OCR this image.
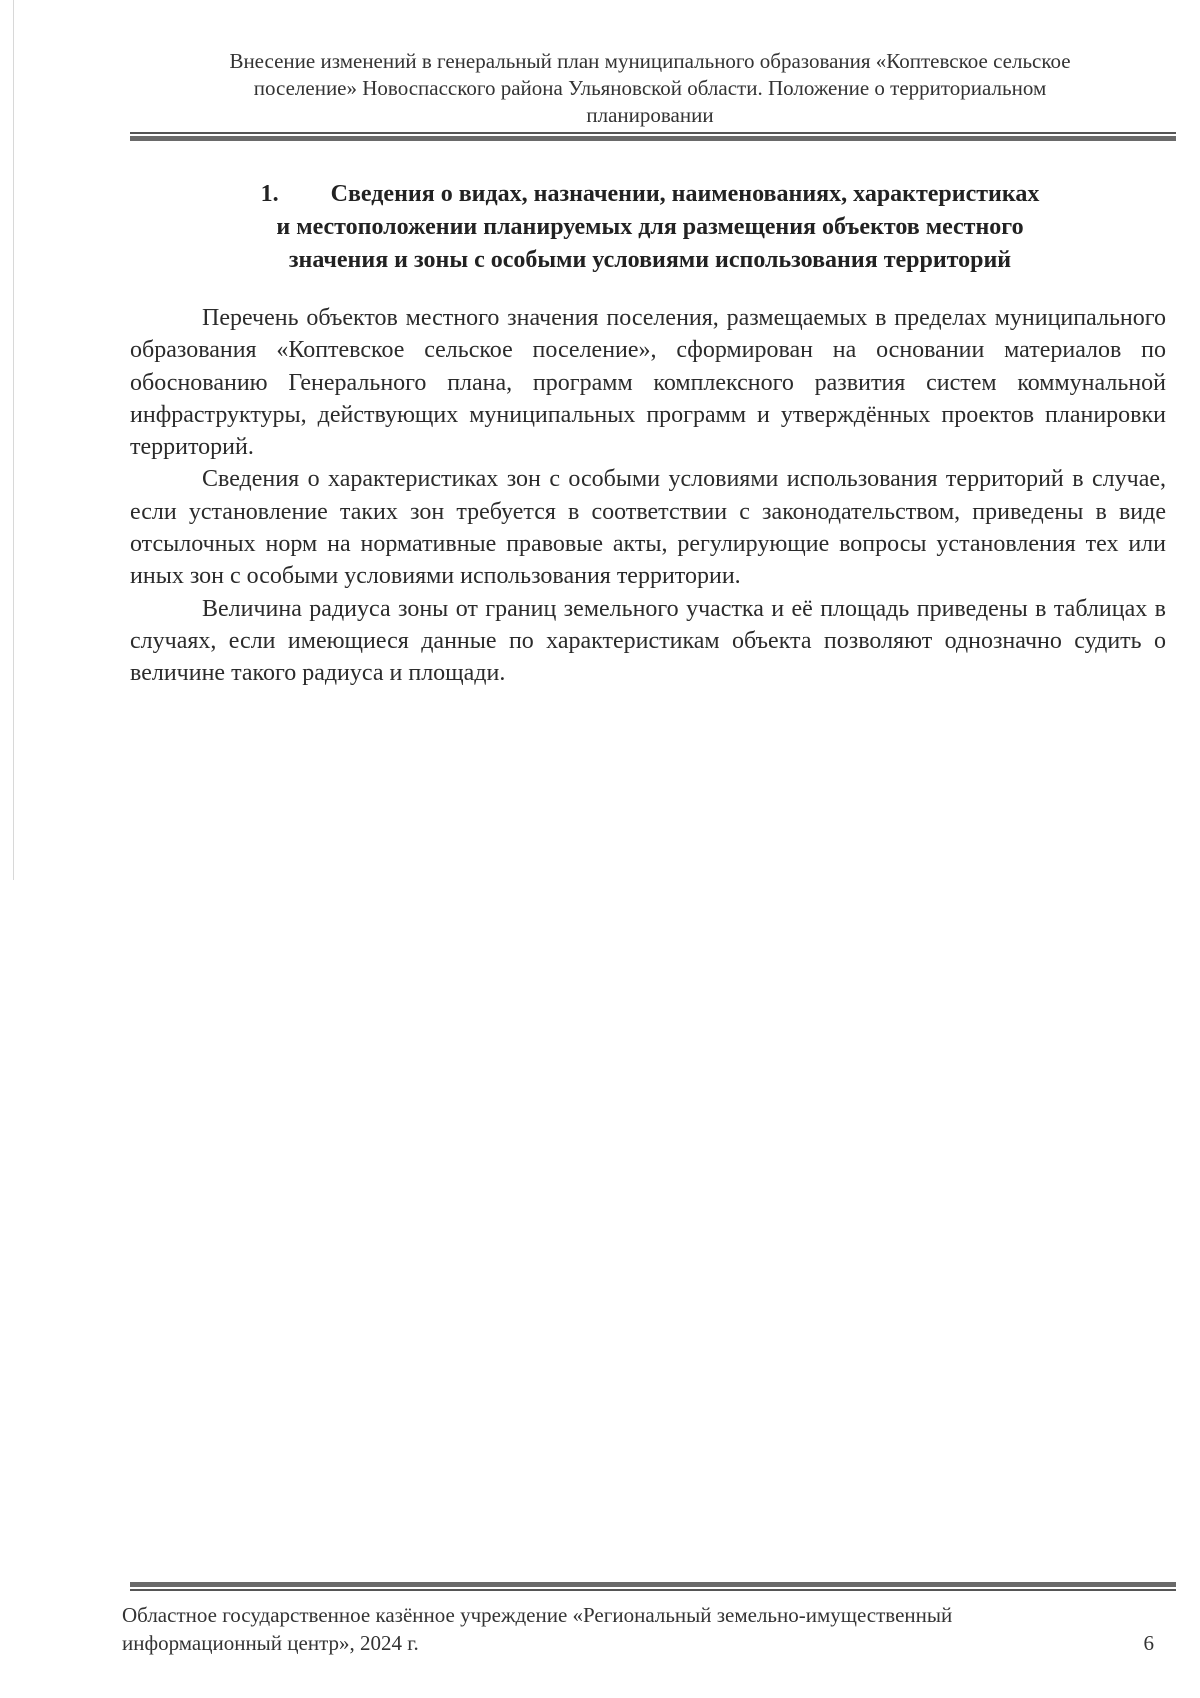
Внесение изменений в генеральный план муниципального образования «Коптевское сельское
поселение» Новоспасского района Ульяновской области. Положение о территориальном
планировании
1. Сведения о видах, назначении, наименованиях, характеристиках
и местоположении планируемых для размещения объектов местного
значения и зоны с особыми условиями использования территорий

Перечень объектов местного значения поселения, размещаемых в пределах муниципального образования «Коптевское сельское поселение», сформирован на основании материалов по обоснованию Генерального плана, программ комплексного развития систем коммунальной инфраструктуры, действующих муниципальных программ и утверждённых проектов планировки территорий.

Сведения о характеристиках зон с особыми условиями использования территорий в случае, если установление таких зон требуется в соответствии с законодательством, приведены в виде отсылочных норм на нормативные правовые акты, регулирующие вопросы установления тех или иных зон с особыми условиями использования территории.

Величина радиуса зоны от границ земельного участка и её площадь приведены в таблицах в случаях, если имеющиеся данные по характеристикам объекта позволяют однозначно судить о величине такого радиуса и площади.

Областное государственное казённое учреждение «Региональный земельно-имущественный
информационный центр», 2024 г.	6
